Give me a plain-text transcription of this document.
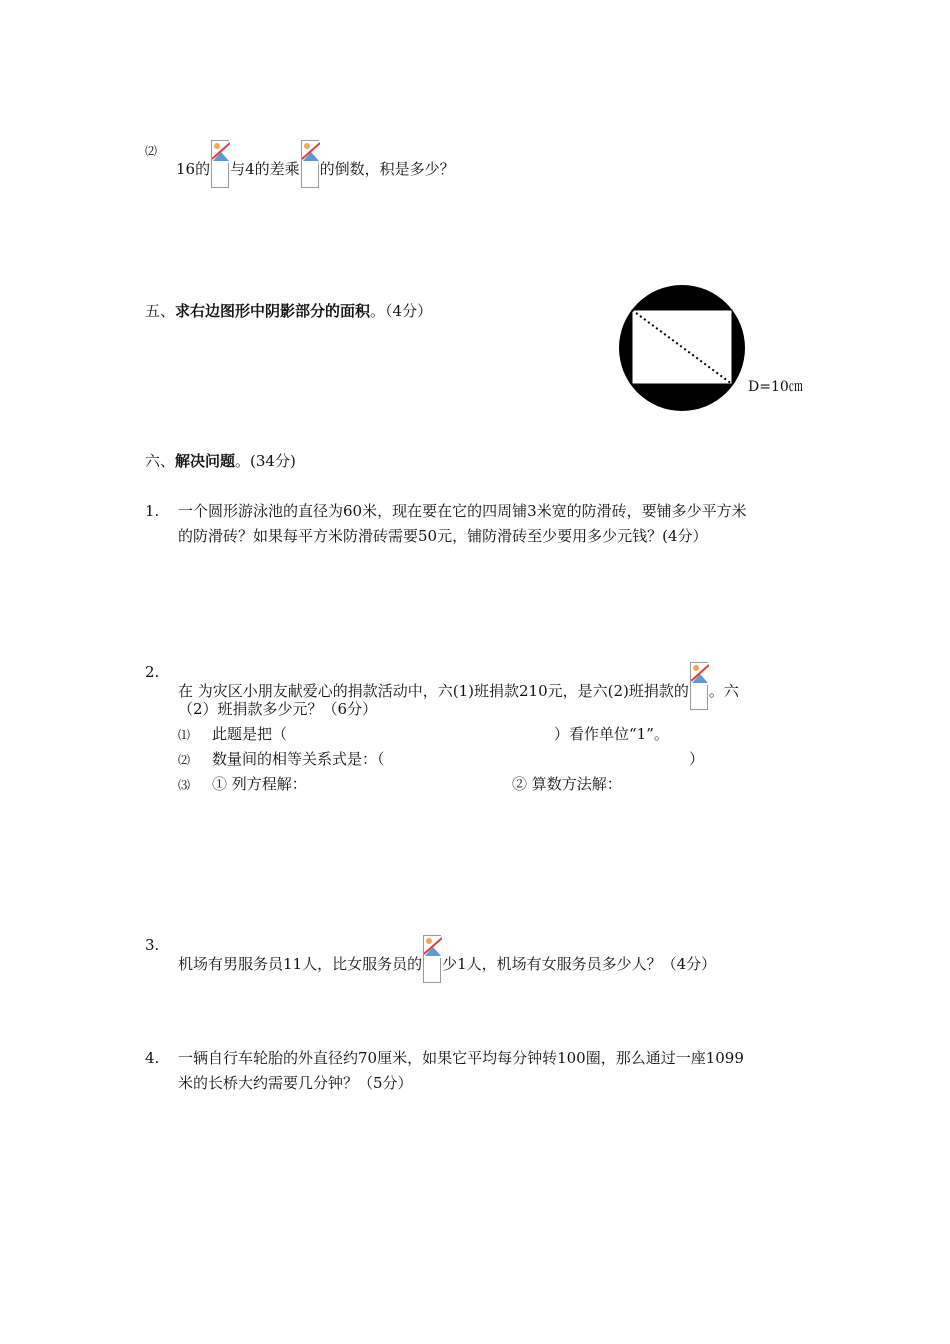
⑵
16的 与4的差乘 的倒数，积是多少？
五、求右边图形中阴影部分的面积。（4分）
D=10㎝
六、解决问题。(34分)
1. 一个圆形游泳池的直径为60米，现在要在它的四周铺3米宽的防滑砖，要铺多少平方米
的防滑砖？如果每平方米防滑砖需要50元，铺防滑砖至少要用多少元钱？(4分）
2.
在 为灾区小朋友献爱心的捐款活动中，六(1)班捐款210元，是六(2)班捐款的 。六
（2）班捐款多少元？（6分）
⑴ 此题是把（	）看作单位“1”。
⑵ 数量间的相等关系式是：（	）
⑶ ① 列方程解：	② 算数方法解：
3.
机场有男服务员11人，比女服务员的 少1人，机场有女服务员多少人？（4分）
4. 一辆自行车轮胎的外直径约70厘米，如果它平均每分钟转100圈，那么通过一座1099
米的长桥大约需要几分钟？（5分）
